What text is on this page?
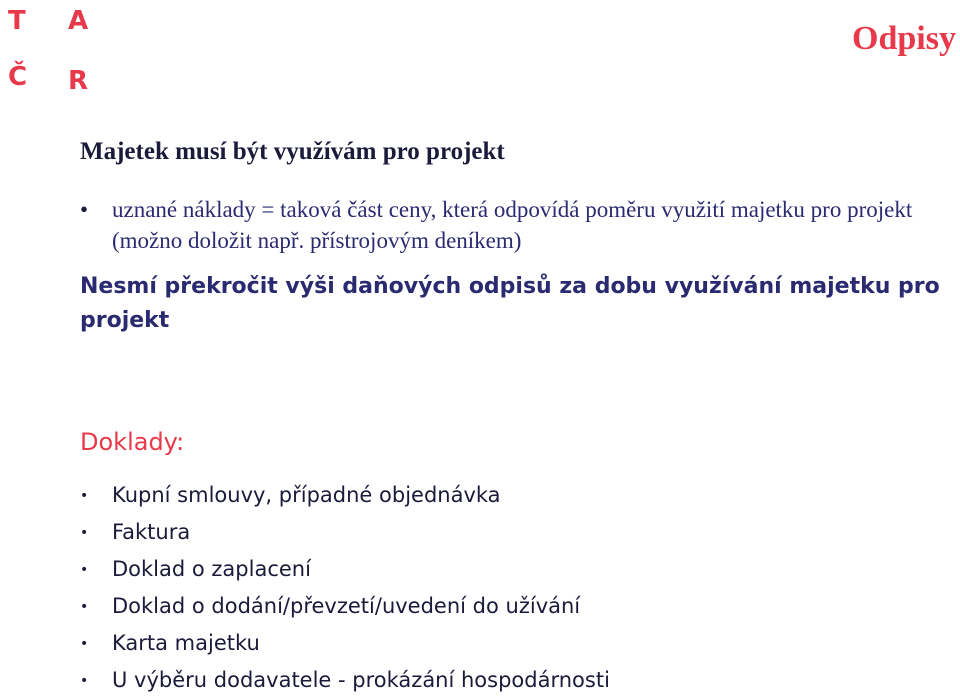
T A
Č R
Odpisy
Majetek musí být využívám pro projekt
• uznané náklady = taková část ceny, která odpovídá poměru využití majetku pro projekt (možno doložit např. přístrojovým deníkem)
Nesmí překročit výši daňových odpisů za dobu využívání majetku pro projekt
Doklady:
• Kupní smlouvy, případné objednávka
• Faktura
• Doklad o zaplacení
• Doklad o dodání/převzetí/uvedení do užívání
• Karta majetku
• U výběru dodavatele - prokázání hospodárnosti
